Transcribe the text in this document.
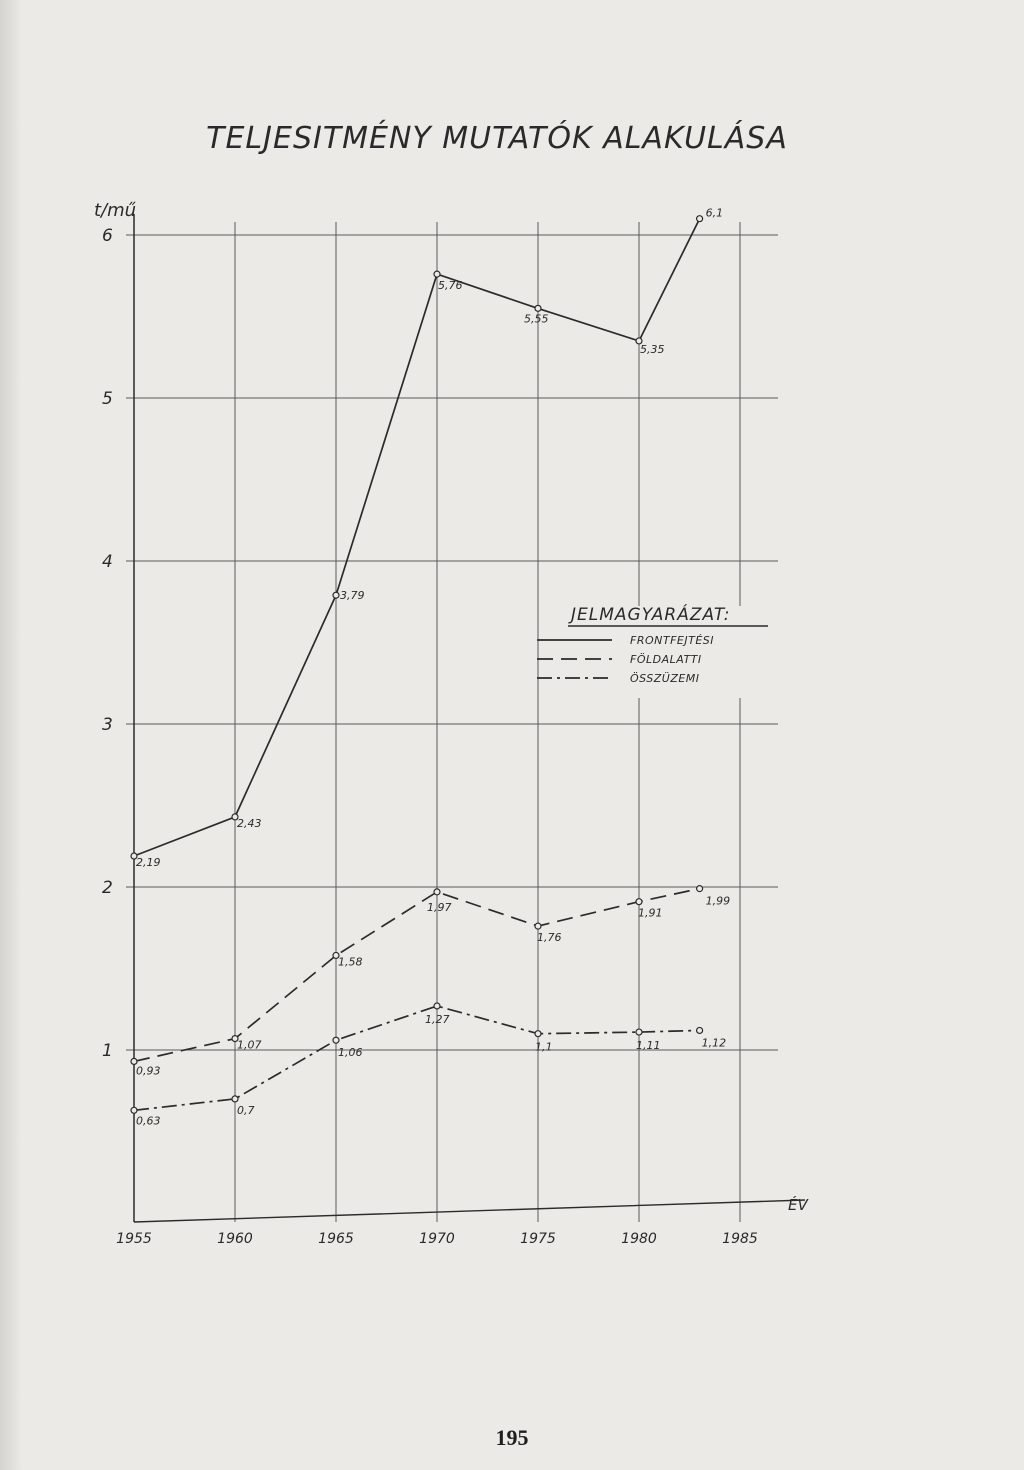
TELJESITMÉNY MUTATÓK ALAKULÁSA
t/mű
ÉV
1
2
3
4
5
6
1955	1960	1965	1970	1975	1980	1985
2,19
2,43
3,79
5,76
5,55
5,35
6,1
0,93
1,07
1,58
1,97
1,76
1,91
1,99
0,63
0,7
1,06
1,27
1,1	1,11	1,12
JELMAGYARÁZAT:
FRONTFEJTÉSI
FÖLDALATTI
ÖSSZÜZEMI
195
